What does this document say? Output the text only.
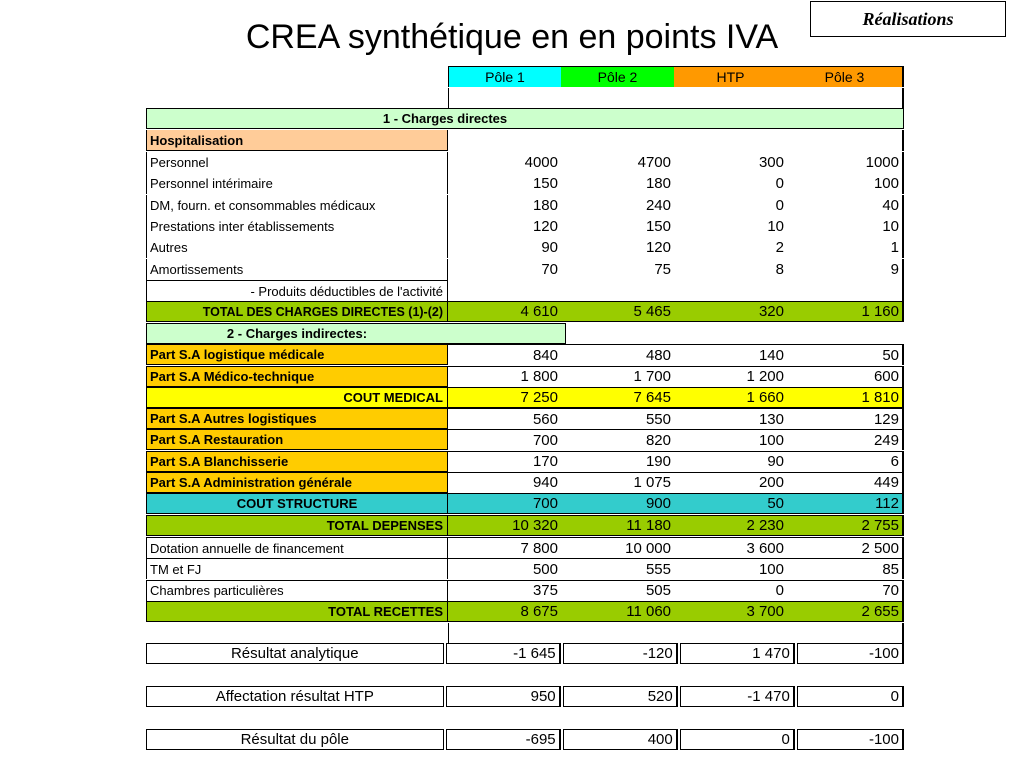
CREA synthétique en en points IVA	Réalisations
Pôle 1	Pôle 2	HTP	Pôle 3
1 - Charges directes
Hospitalisation
Personnel	4000	4700	300	1000
Personnel intérimaire	150	180	0	100
DM, fourn. et consommables médicaux	180	240	0	40
Prestations inter établissements	120	150	10	10
Autres	90	120	2	1
Amortissements	70	75	8	9
- Produits déductibles de l'activité
TOTAL DES CHARGES DIRECTES (1)-(2)	4 610	5 465	320	1 160
2 - Charges indirectes:
Part S.A logistique médicale	840	480	140	50
Part S.A Médico-technique	1 800	1 700	1 200	600
COUT MEDICAL	7 250	7 645	1 660	1 810
Part S.A Autres logistiques	560	550	130	129
Part S.A Restauration	700	820	100	249
Part S.A Blanchisserie	170	190	90	6
Part S.A Administration générale	940	1 075	200	449
COUT STRUCTURE	700	900	50	112
TOTAL DEPENSES	10 320	11 180	2 230	2 755
Dotation annuelle de financement	7 800	10 000	3 600	2 500
TM et FJ	500	555	100	85
Chambres particulières	375	505	0	70
TOTAL RECETTES	8 675	11 060	3 700	2 655
Résultat analytique	-1 645	-120	1 470	-100
Affectation résultat HTP	950	520	-1 470	0
Résultat du pôle	-695	400	0	-100
